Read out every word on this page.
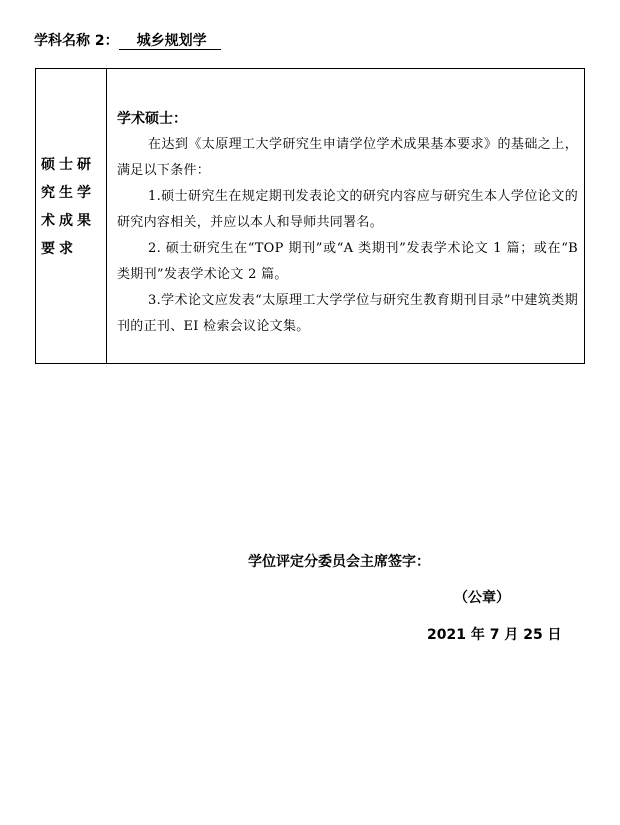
学科名称 2： 城乡规划学
硕士研究生学术成果要求
学术硕士：

在达到《太原理工大学研究生申请学位学术成果基本要求》的基础之上，满足以下条件：

1.硕士研究生在规定期刊发表论文的研究内容应与研究生本人学位论文的研究内容相关，并应以本人和导师共同署名。

2. 硕士研究生在“TOP 期刊”或“A 类期刊”发表学术论文 1 篇；或在“B 类期刊”发表学术论文 2 篇。

3.学术论文应发表“太原理工大学学位与研究生教育期刊目录”中建筑类期刊的正刊、EI 检索会议论文集。

学位评定分委员会主席签字：
（公章）
2021 年 7 月 25 日
